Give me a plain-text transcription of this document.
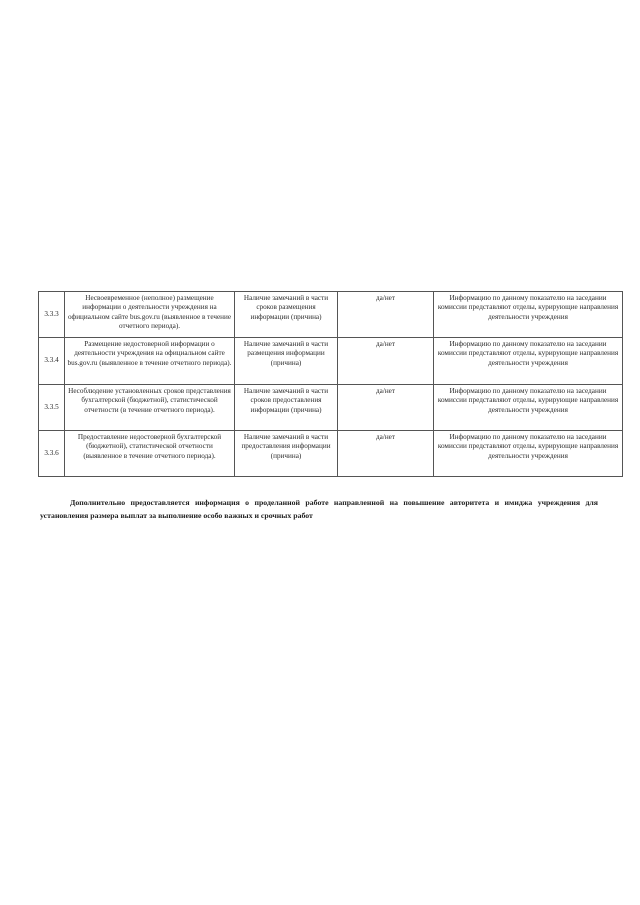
3.3.3	Несвоевременное (неполное) размещение информации о деятельности учреждения на официальном сайте bus.gov.ru (выявленное в течение отчетного периода).	Наличие замечаний в части сроков размещения информации (причина)	да/нет	Информацию по данному показателю на заседании комиссии представляют отделы, курирующие направления деятельности учреждения
3.3.4	Размещение недостоверной информации о деятельности учреждения на официальном сайте bus.gov.ru (выявленное в течение отчетного периода).	Наличие замечаний в части размещения информации (причина)	да/нет	Информацию по данному показателю на заседании комиссии представляют отделы, курирующие направления деятельности учреждения
3.3.5	Несоблюдение установленных сроков представления бухгалтерской (бюджетной), статистической отчетности (в течение отчетного периода).	Наличие замечаний в части сроков предоставления информации (причина)	да/нет	Информацию по данному показателю на заседании комиссии представляют отделы, курирующие направления деятельности учреждения
3.3.6	Предоставление недостоверной бухгалтерской (бюджетной), статистической отчетности (выявленное в течение отчетного периода).	Наличие замечаний в части предоставления информации (причина)	да/нет	Информацию по данному показателю на заседании комиссии представляют отделы, курирующие направления деятельности учреждения

Дополнительно предоставляется информация о проделанной работе направленной на повышение авторитета и имиджа учреждения для установления размера выплат за выполнение особо важных и срочных работ
